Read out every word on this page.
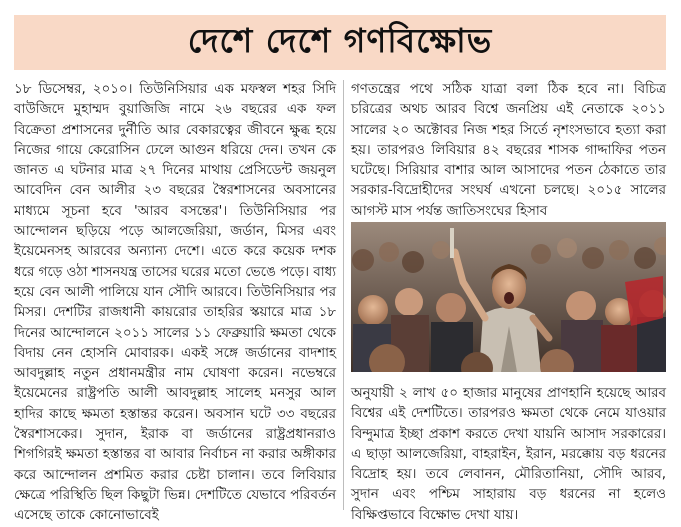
দেশে দেশে গণবিক্ষোভ

১৮ ডিসেম্বর, ২০১০। তিউনিসিয়ার এক মফস্বল শহর সিদি বাউজিদে মুহাম্মদ বুয়াজিজি নামে ২৬ বছরের এক ফল বিক্রেতা প্রশাসনের দুর্নীতি আর বেকারত্বের জীবনে ক্ষুব্ধ হয়ে নিজের গায়ে কেরোসিন ঢেলে আগুন ধরিয়ে দেন। তখন কে জানত এ ঘটনার মাত্র ২৭ দিনের মাথায় প্রেসিডেন্ট জয়নুল আবেদিন বেন আলীর ২৩ বছরের স্বৈরশাসনের অবসানের মাধ্যমে সূচনা হবে 'আরব বসন্তের'। তিউনিসিয়ার পর আন্দোলন ছড়িয়ে পড়ে আলজেরিয়া, জর্ডান, মিসর এবং ইয়েমেনসহ আরবের অন্যান্য দেশে। এতে করে কয়েক দশক ধরে গড়ে ওঠা শাসনযন্ত্র তাসের ঘরের মতো ভেঙে পড়ে। বাধ্য হয়ে বেন আলী পালিয়ে যান সৌদি আরবে। তিউনিসিয়ার পর মিসর। দেশটির রাজধানী কায়রোর তাহরির স্কয়ারে মাত্র ১৮ দিনের আন্দোলনে ২০১১ সালের ১১ ফেব্রুয়ারি ক্ষমতা থেকে বিদায় নেন হোসনি মোবারক। একই সঙ্গে জর্ডানের বাদশাহ আবদুল্লাহ নতুন প্রধানমন্ত্রীর নাম ঘোষণা করেন। নভেম্বরে ইয়েমেনের রাষ্ট্রপতি আলী আবদুল্লাহ সালেহ মনসুর আল হাদির কাছে ক্ষমতা হস্তান্তর করেন। অবসান ঘটে ৩৩ বছরের স্বৈরশাসকের। সুদান, ইরাক বা জর্ডানের রাষ্ট্রপ্রধানরাও শিগগিরই ক্ষমতা হস্তান্তর বা আবার নির্বাচন না করার অঙ্গীকার করে আন্দোলন প্রশমিত করার চেষ্টা চালান। তবে লিবিয়ার ক্ষেত্রে পরিস্থিতি ছিল কিছুটা ভিন্ন। দেশটিতে যেভাবে পরিবর্তন এসেছে তাকে কোনোভাবেই

গণতন্ত্রের পথে সঠিক যাত্রা বলা ঠিক হবে না। বিচিত্র চরিত্রের অথচ আরব বিশ্বে জনপ্রিয় এই নেতাকে ২০১১ সালের ২০ অক্টোবর নিজ শহর সির্তে নৃশংসভাবে হত্যা করা হয়। তারপরও লিবিয়ার ৪২ বছরের শাসক গাদ্দাফির পতন ঘটেছে। সিরিয়ার বাশার আল আসাদের পতন ঠেকাতে তার সরকার-বিদ্রোহীদের সংঘর্ষ এখনো চলছে। ২০১৫ সালের আগস্ট মাস পর্যন্ত জাতিসংঘের হিসাব

অনুযায়ী ২ লাখ ৫০ হাজার মানুষের প্রাণহানি হয়েছে আরব বিশ্বের এই দেশটিতে। তারপরও ক্ষমতা থেকে নেমে যাওয়ার বিন্দুমাত্র ইচ্ছা প্রকাশ করতে দেখা যায়নি আসাদ সরকারের। এ ছাড়া আলজেরিয়া, বাহরাইন, ইরান, মরক্কোয় বড় ধরনের বিদ্রোহ হয়। তবে লেবানন, মৌরিতানিয়া, সৌদি আরব, সুদান এবং পশ্চিম সাহারায় বড় ধরনের না হলেও বিক্ষিপ্তভাবে বিক্ষোভ দেখা যায়।
